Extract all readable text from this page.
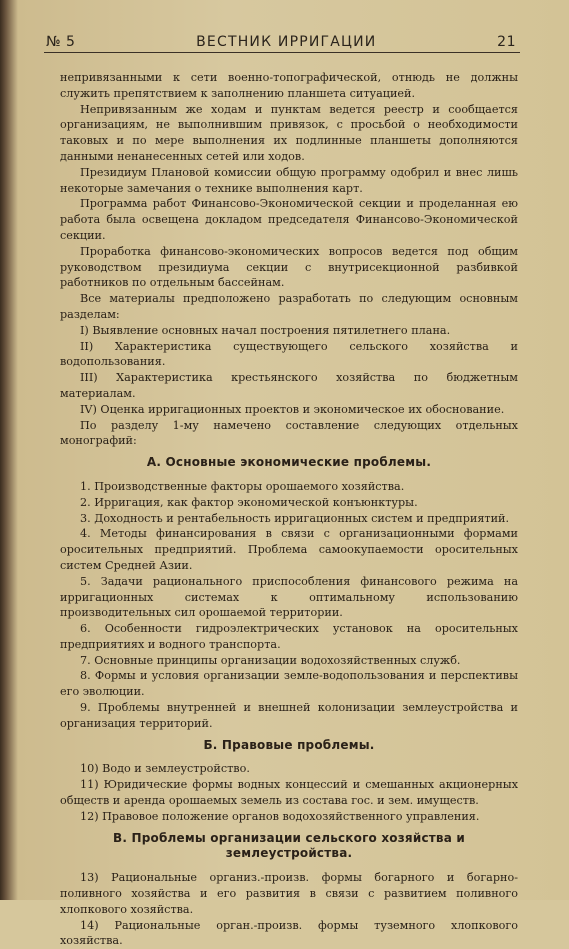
№ 5	ВЕСТНИК ИРРИГАЦИИ	21

непривязанными к сети военно-топографической, отнюдь не должны служить препятствием к заполнению планшета ситуацией.

Непривязанным же ходам и пунктам ведется реестр и сообщается организациям, не выполнившим привязок, с просьбой о необходимости таковых и по мере выполнения их подлинные планшеты дополняются данными ненанесенных сетей или ходов.

Президиум Плановой комиссии общую программу одобрил и внес лишь некоторые замечания о технике выполнения карт.

Программа работ Финансово-Экономической секции и проделанная ею работа была освещена докладом председателя Финансово-Экономической секции.

Проработка финансово-экономических вопросов ведется под общим руководством президиума секции с внутрисекционной разбивкой работников по отдельным бассейнам.

Все материалы предположено разработать по следующим основным разделам:

I) Выявление основных начал построения пятилетнего плана.

II) Характеристика существующего сельского хозяйства и водопользования.

III) Характеристика крестьянского хозяйства по бюджетным материалам.

IV) Оценка ирригационных проектов и экономическое их обоснование.

По разделу 1-му намечено составление следующих отдельных монографий:

А. Основные экономические проблемы.

1. Производственные факторы орошаемого хозяйства.

2. Ирригация, как фактор экономической конъюнктуры.

3. Доходность и рентабельность ирригационных систем и предприятий.

4. Методы финансирования в связи с организационными формами оросительных предприятий. Проблема самоокупаемости оросительных систем Средней Азии.

5. Задачи рационального приспособления финансового режима на ирригационных системах к оптимальному использованию производительных сил орошаемой территории.

6. Особенности гидроэлектрических установок на оросительных предприятиях и водного транспорта.

7. Основные принципы организации водохозяйственных служб.

8. Формы и условия организации земле-водопользования и перспективы его эволюции.

9. Проблемы внутренней и внешней колонизации землеустройства и организация территорий.

Б. Правовые проблемы.

10) Водо и землеустройство.

11) Юридические формы водных концессий и смешанных акционерных обществ и аренда орошаемых земель из состава гос. и зем. имуществ.

12) Правовое положение органов водохозяйственного управления.

В. Проблемы организации сельского хозяйства и землеустройства.

13) Рациональные организ.-произв. формы богарного и богарно-поливного хозяйства и его развития в связи с развитием поливного хлопкового хозяйства.

14) Рациональные орган.-произв. формы туземного хлопкового хозяйства.
